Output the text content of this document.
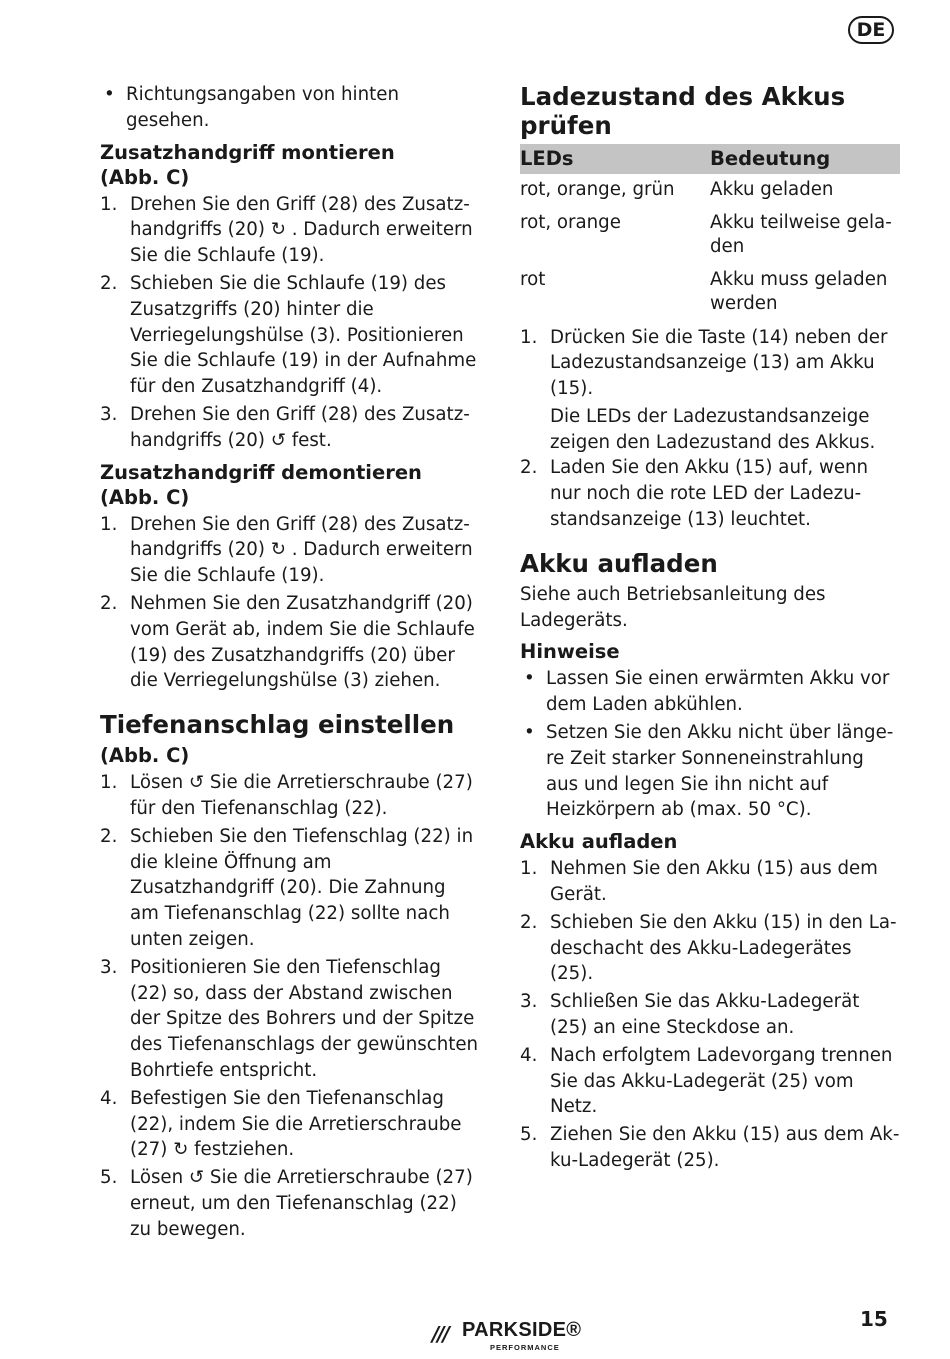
DE
• Richtungsangaben von hinten gesehen.
Zusatzhandgriff montieren
(Abb. C)
1. Drehen Sie den Griff (28) des Zusatzhandgriffs (20) ↻ . Dadurch erweitern Sie die Schlaufe (19).
2. Schieben Sie die Schlaufe (19) des Zusatzgriffs (20) hinter die Verriegelungshülse (3). Positionieren Sie die Schlaufe (19) in der Aufnahme für den Zusatzhandgriff (4).
3. Drehen Sie den Griff (28) des Zusatzhandgriffs (20) ↺ fest.
Zusatzhandgriff demontieren
(Abb. C)
1. Drehen Sie den Griff (28) des Zusatzhandgriffs (20) ↻ . Dadurch erweitern Sie die Schlaufe (19).
2. Nehmen Sie den Zusatzhandgriff (20) vom Gerät ab, indem Sie die Schlaufe (19) des Zusatzhandgriffs (20) über die Verriegelungshülse (3) ziehen.
Tiefenanschlag einstellen
(Abb. C)
1. Lösen ↺ Sie die Arretierschraube (27) für den Tiefenanschlag (22).
2. Schieben Sie den Tiefenschlag (22) in die kleine Öffnung am Zusatzhandgriff (20). Die Zahnung am Tiefenanschlag (22) sollte nach unten zeigen.
3. Positionieren Sie den Tiefenschlag (22) so, dass der Abstand zwischen der Spitze des Bohrers und der Spitze des Tiefenanschlags der gewünschten Bohrtiefe entspricht.
4. Befestigen Sie den Tiefenanschlag (22), indem Sie die Arretierschraube (27) ↻ festziehen.
5. Lösen ↺ Sie die Arretierschraube (27) erneut, um den Tiefenanschlag (22) zu bewegen.
Ladezustand des Akkus prüfen
LEDs	Bedeutung
rot, orange, grün	Akku geladen
rot, orange	Akku teilweise geladen
rot	Akku muss geladen werden
1. Drücken Sie die Taste (14) neben der Ladezustandsanzeige (13) am Akku (15).
Die LEDs der Ladezustandsanzeige zeigen den Ladezustand des Akkus.
2. Laden Sie den Akku (15) auf, wenn nur noch die rote LED der Ladezustandsanzeige (13) leuchtet.
Akku aufladen

Siehe auch Betriebsanleitung des Ladegeräts.

Hinweise
• Lassen Sie einen erwärmten Akku vor dem Laden abkühlen.
• Setzen Sie den Akku nicht über längere Zeit starker Sonneneinstrahlung aus und legen Sie ihn nicht auf Heizkörpern ab (max. 50 °C).
Akku aufladen
1. Nehmen Sie den Akku (15) aus dem Gerät.
2. Schieben Sie den Akku (15) in den Ladeschacht des Akku-Ladegerätes (25).
3. Schließen Sie das Akku-Ladegerät (25) an eine Steckdose an.
4. Nach erfolgtem Ladevorgang trennen Sie das Akku-Ladegerät (25) vom Netz.
5. Ziehen Sie den Akku (15) aus dem Akku-Ladegerät (25).
/// PARKSIDE®
PERFORMANCE
15
